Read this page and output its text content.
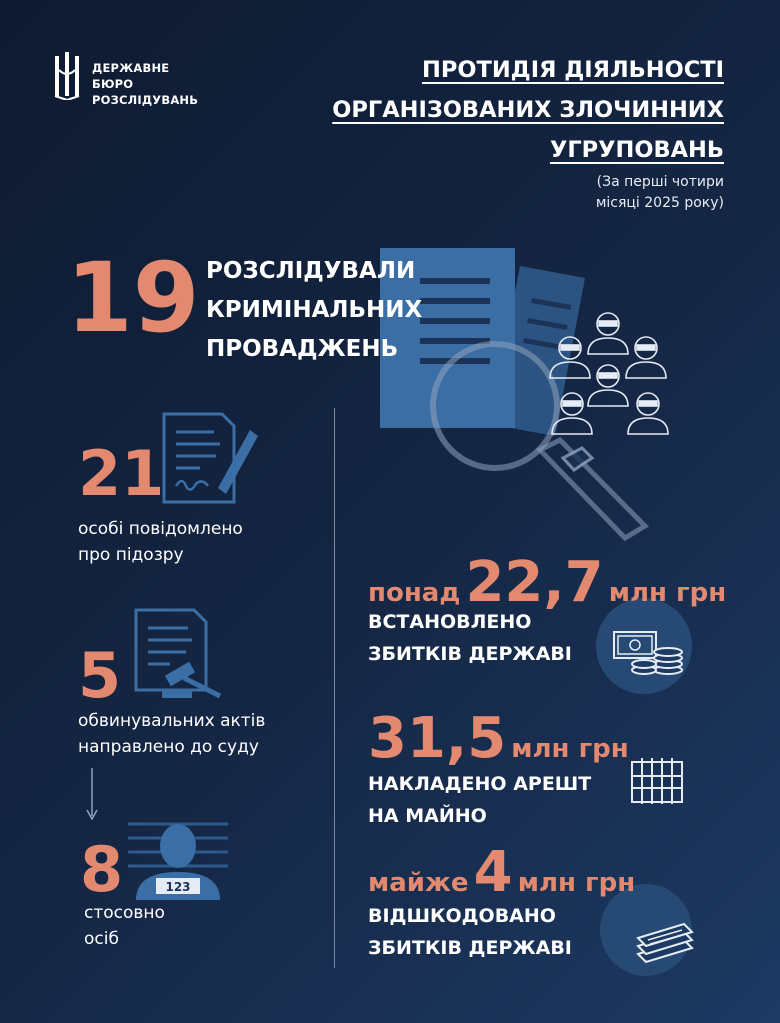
ДЕРЖАВНЕ БЮРО
РОЗСЛІДУВАНЬ
ПРОТИДІЯ ДІЯЛЬНОСТІ
ОРГАНІЗОВАНИХ ЗЛОЧИННИХ
УГРУПОВАНЬ
(За перші чотири
місяці 2025 року)
19 РОЗСЛІДУВАЛИ
КРИМІНАЛЬНИХ
ПРОВАДЖЕНЬ
21
особі повідомлено
про підозру
5
обвинувальних актів
направлено до суду
123
8
стосовно
осіб
понад 22,7 млн грн
ВСТАНОВЛЕНО
ЗБИТКІВ ДЕРЖАВІ
31,5 млн грн
НАКЛАДЕНО АРЕШТ
НА МАЙНО
майже 4 млн грн
ВІДШКОДОВАНО
ЗБИТКІВ ДЕРЖАВІ
